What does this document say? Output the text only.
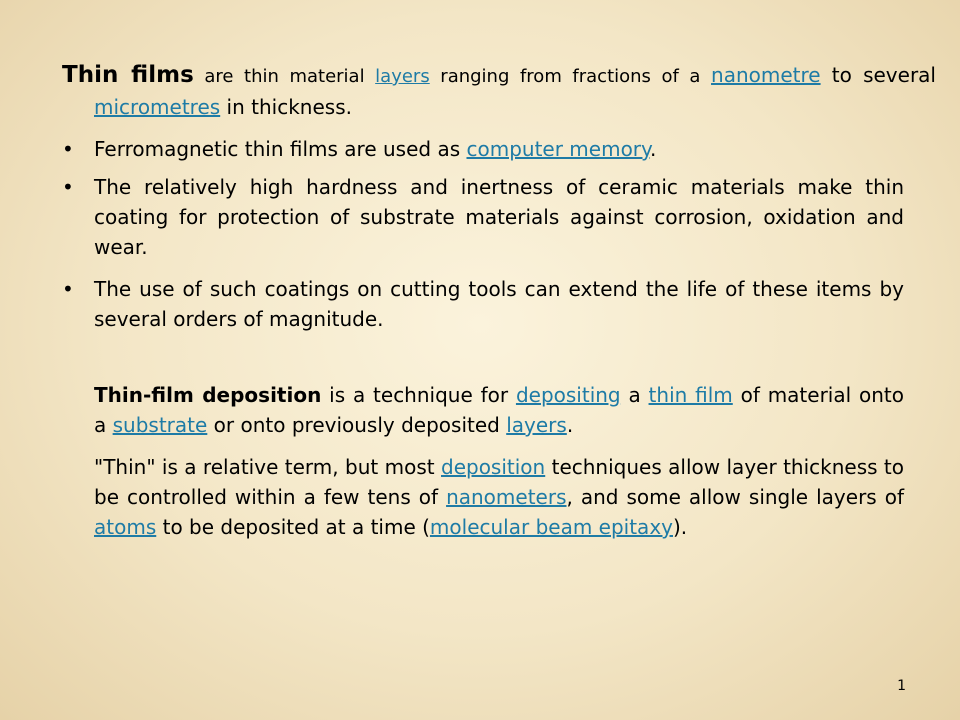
Thin films are thin material layers ranging from fractions of a nanometre to several micrometres in thickness.

• Ferromagnetic thin films are used as computer memory.

• The relatively high hardness and inertness of ceramic materials make thin coating for protection of substrate materials against corrosion, oxidation and wear.

• The use of such coatings on cutting tools can extend the life of these items by several orders of magnitude.

Thin-film deposition is a technique for depositing a thin film of material onto a substrate or onto previously deposited layers.

"Thin" is a relative term, but most deposition techniques allow layer thickness to be controlled within a few tens of nanometers, and some allow single layers of atoms to be deposited at a time (molecular beam epitaxy).

1
